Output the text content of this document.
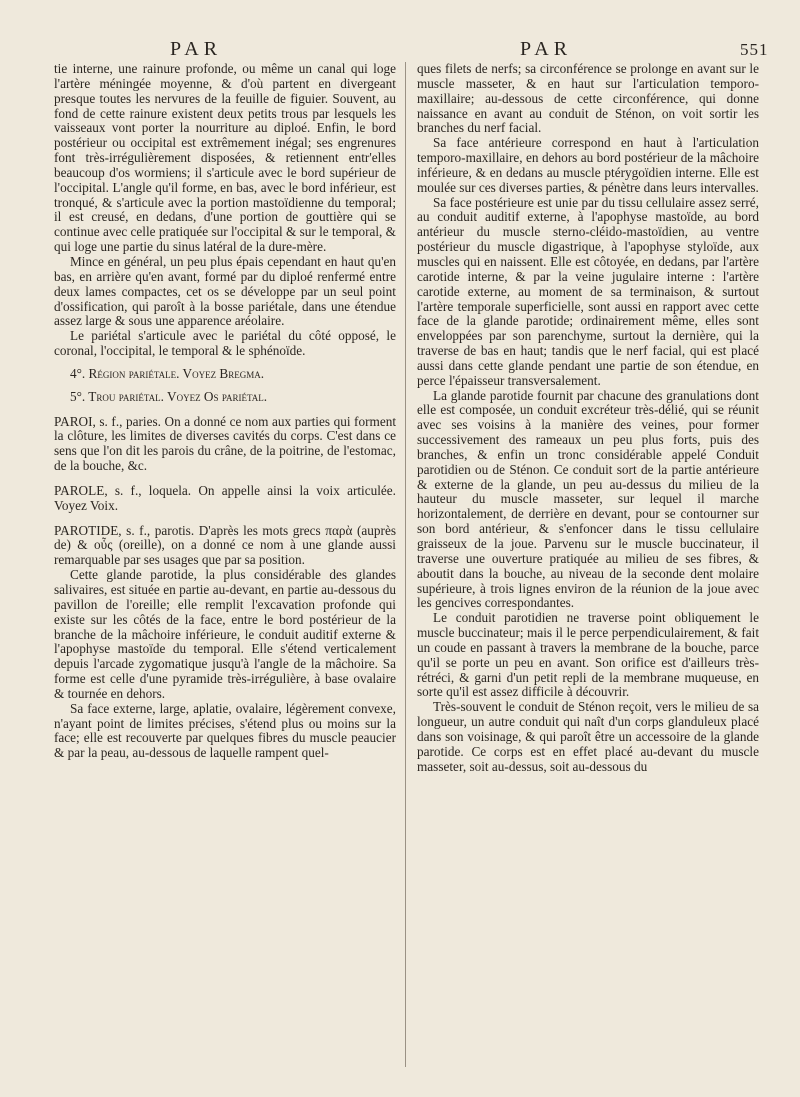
PAR	PAR	551

tie interne, une rainure profonde, ou même un canal qui loge l'artère méningée moyenne, & d'où partent en divergeant presque toutes les nervures de la feuille de figuier. Souvent, au fond de cette rainure existent deux petits trous par lesquels les vaisseaux vont porter la nourriture au diploé. Enfin, le bord postérieur ou occipital est extrêmement inégal; ses engrenures font très-irrégulièrement disposées, & retiennent entr'elles beaucoup d'os wormiens; il s'articule avec le bord supérieur de l'occipital. L'angle qu'il forme, en bas, avec le bord inférieur, est tronqué, & s'articule avec la portion mastoïdienne du temporal; il est creusé, en dedans, d'une portion de gouttière qui se continue avec celle pratiquée sur l'occipital & sur le temporal, & qui loge une partie du sinus latéral de la dure-mère.

Mince en général, un peu plus épais cependant en haut qu'en bas, en arrière qu'en avant, formé par du diploé renfermé entre deux lames compactes, cet os se développe par un seul point d'ossification, qui paroît à la bosse pariétale, dans une étendue assez large & sous une apparence aréolaire.

Le pariétal s'articule avec le pariétal du côté opposé, le coronal, l'occipital, le temporal & le sphénoïde.

4°. Région pariétale. Voyez Bregma.

5°. Trou pariétal. Voyez Os pariétal.

PAROI, s. f., paries. On a donné ce nom aux parties qui forment la clôture, les limites de diverses cavités du corps. C'est dans ce sens que l'on dit les parois du crâne, de la poitrine, de l'estomac, de la bouche, &c.

PAROLE, s. f., loquela. On appelle ainsi la voix articulée. Voyez Voix.

PAROTIDE, s. f., parotis. D'après les mots grecs παρὰ (auprès de) & οὖς (oreille), on a donné ce nom à une glande aussi remarquable par ses usages que par sa position.

Cette glande parotide, la plus considérable des glandes salivaires, est située en partie au-devant, en partie au-dessous du pavillon de l'oreille; elle remplit l'excavation profonde qui existe sur les côtés de la face, entre le bord postérieur de la branche de la mâchoire inférieure, le conduit auditif externe & l'apophyse mastoïde du temporal. Elle s'étend verticalement depuis l'arcade zygomatique jusqu'à l'angle de la mâchoire. Sa forme est celle d'une pyramide très-irrégulière, à base ovalaire & tournée en dehors.

Sa face externe, large, aplatie, ovalaire, légèrement convexe, n'ayant point de limites précises, s'étend plus ou moins sur la face; elle est recouverte par quelques fibres du muscle peaucier & par la peau, au-dessous de laquelle rampent quel-

ques filets de nerfs; sa circonférence se prolonge en avant sur le muscle masseter, & en haut sur l'articulation temporo-maxillaire; au-dessous de cette circonférence, qui donne naissance en avant au conduit de Sténon, on voit sortir les branches du nerf facial.

Sa face antérieure correspond en haut à l'articulation temporo-maxillaire, en dehors au bord postérieur de la mâchoire inférieure, & en dedans au muscle ptérygoïdien interne. Elle est moulée sur ces diverses parties, & pénètre dans leurs intervalles.

Sa face postérieure est unie par du tissu cellulaire assez serré, au conduit auditif externe, à l'apophyse mastoïde, au bord antérieur du muscle sterno-cléido-mastoïdien, au ventre postérieur du muscle digastrique, à l'apophyse styloïde, aux muscles qui en naissent. Elle est côtoyée, en dedans, par l'artère carotide interne, & par la veine jugulaire interne : l'artère carotide externe, au moment de sa terminaison, & surtout l'artère temporale superficielle, sont aussi en rapport avec cette face de la glande parotide; ordinairement même, elles sont enveloppées par son parenchyme, surtout la dernière, qui la traverse de bas en haut; tandis que le nerf facial, qui est placé aussi dans cette glande pendant une partie de son étendue, en perce l'épaisseur transversalement.

La glande parotide fournit par chacune des granulations dont elle est composée, un conduit excréteur très-délié, qui se réunit avec ses voisins à la manière des veines, pour former successivement des rameaux un peu plus forts, puis des branches, & enfin un tronc considérable appelé Conduit parotidien ou de Sténon. Ce conduit sort de la partie antérieure & externe de la glande, un peu au-dessus du milieu de la hauteur du muscle masseter, sur lequel il marche horizontalement, de derrière en devant, pour se contourner sur son bord antérieur, & s'enfoncer dans le tissu cellulaire graisseux de la joue. Parvenu sur le muscle buccinateur, il traverse une ouverture pratiquée au milieu de ses fibres, & aboutit dans la bouche, au niveau de la seconde dent molaire supérieure, à trois lignes environ de la réunion de la joue avec les gencives correspondantes.

Le conduit parotidien ne traverse point obliquement le muscle buccinateur; mais il le perce perpendiculairement, & fait un coude en passant à travers la membrane de la bouche, parce qu'il se porte un peu en avant. Son orifice est d'ailleurs très-rétréci, & garni d'un petit repli de la membrane muqueuse, en sorte qu'il est assez difficile à découvrir.

Très-souvent le conduit de Sténon reçoit, vers le milieu de sa longueur, un autre conduit qui naît d'un corps glanduleux placé dans son voisinage, & qui paroît être un accessoire de la glande parotide. Ce corps est en effet placé au-devant du muscle masseter, soit au-dessus, soit au-dessous du
